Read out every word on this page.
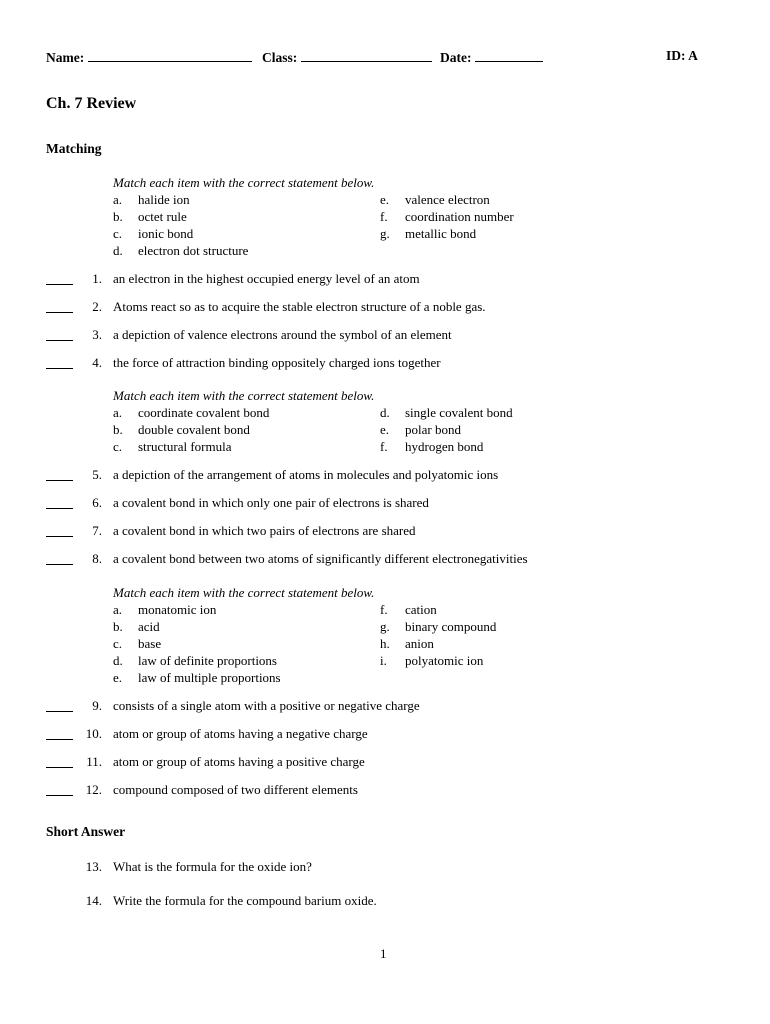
Name:	Class:	Date:	ID: A
Ch. 7 Review
Matching
Match each item with the correct statement below.
a.	halide ion
b.	octet rule
c.	ionic bond
d.	electron dot structure
e.	valence electron
f.	coordination number
g.	metallic bond
1. an electron in the highest occupied energy level of an atom
2. Atoms react so as to acquire the stable electron structure of a noble gas.
3. a depiction of valence electrons around the symbol of an element
4. the force of attraction binding oppositely charged ions together
Match each item with the correct statement below.
a.	coordinate covalent bond
b.	double covalent bond
c.	structural formula
d.	single covalent bond
e.	polar bond
f.	hydrogen bond
5. a depiction of the arrangement of atoms in molecules and polyatomic ions
6. a covalent bond in which only one pair of electrons is shared
7. a covalent bond in which two pairs of electrons are shared
8. a covalent bond between two atoms of significantly different electronegativities
Match each item with the correct statement below.
a.	monatomic ion
b.	acid
c.	base
d.	law of definite proportions
e.	law of multiple proportions
f.	cation
g.	binary compound
h.	anion
i.	polyatomic ion
9. consists of a single atom with a positive or negative charge
10. atom or group of atoms having a negative charge
11. atom or group of atoms having a positive charge
12. compound composed of two different elements
Short Answer
13. What is the formula for the oxide ion?
14. Write the formula for the compound barium oxide.
1
